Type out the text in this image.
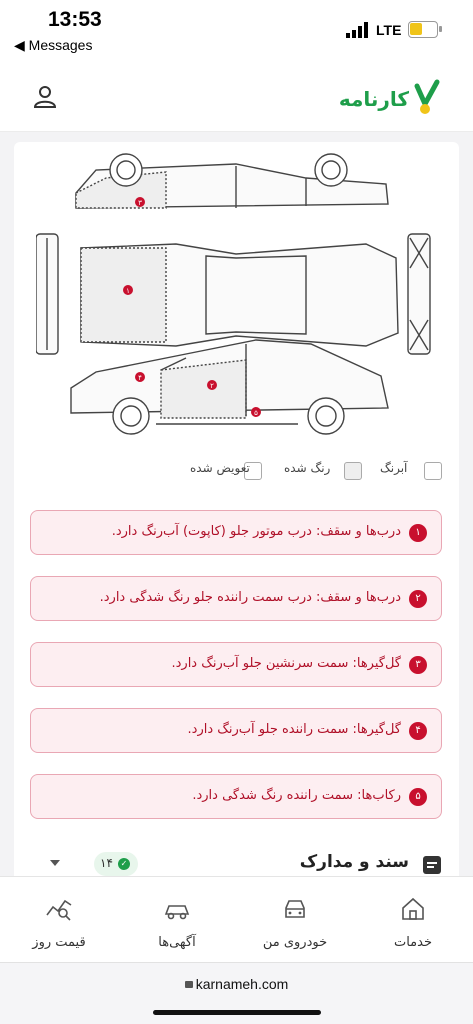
13:53
◀ Messages
LTE
کارنامه
۳
۱
۴
۲
۵
تعویض شده	رنگ شده	آبرنگ
۱
درب‌ها و سقف: درب موتور جلو (کاپوت) آب‌رنگ دارد.
۲
درب‌ها و سقف: درب سمت راننده جلو رنگ شدگی دارد.
۳
گل‌گیرها: سمت سرنشین جلو آب‌رنگ دارد.
۴
گل‌گیرها: سمت راننده جلو آب‌رنگ دارد.
۵
رکاب‌ها: سمت راننده رنگ شدگی دارد.
۱۴ ✓	سند و مدارک
قیمت روز	آگهی‌ها	خودروی من	خدمات
karnameh.com
